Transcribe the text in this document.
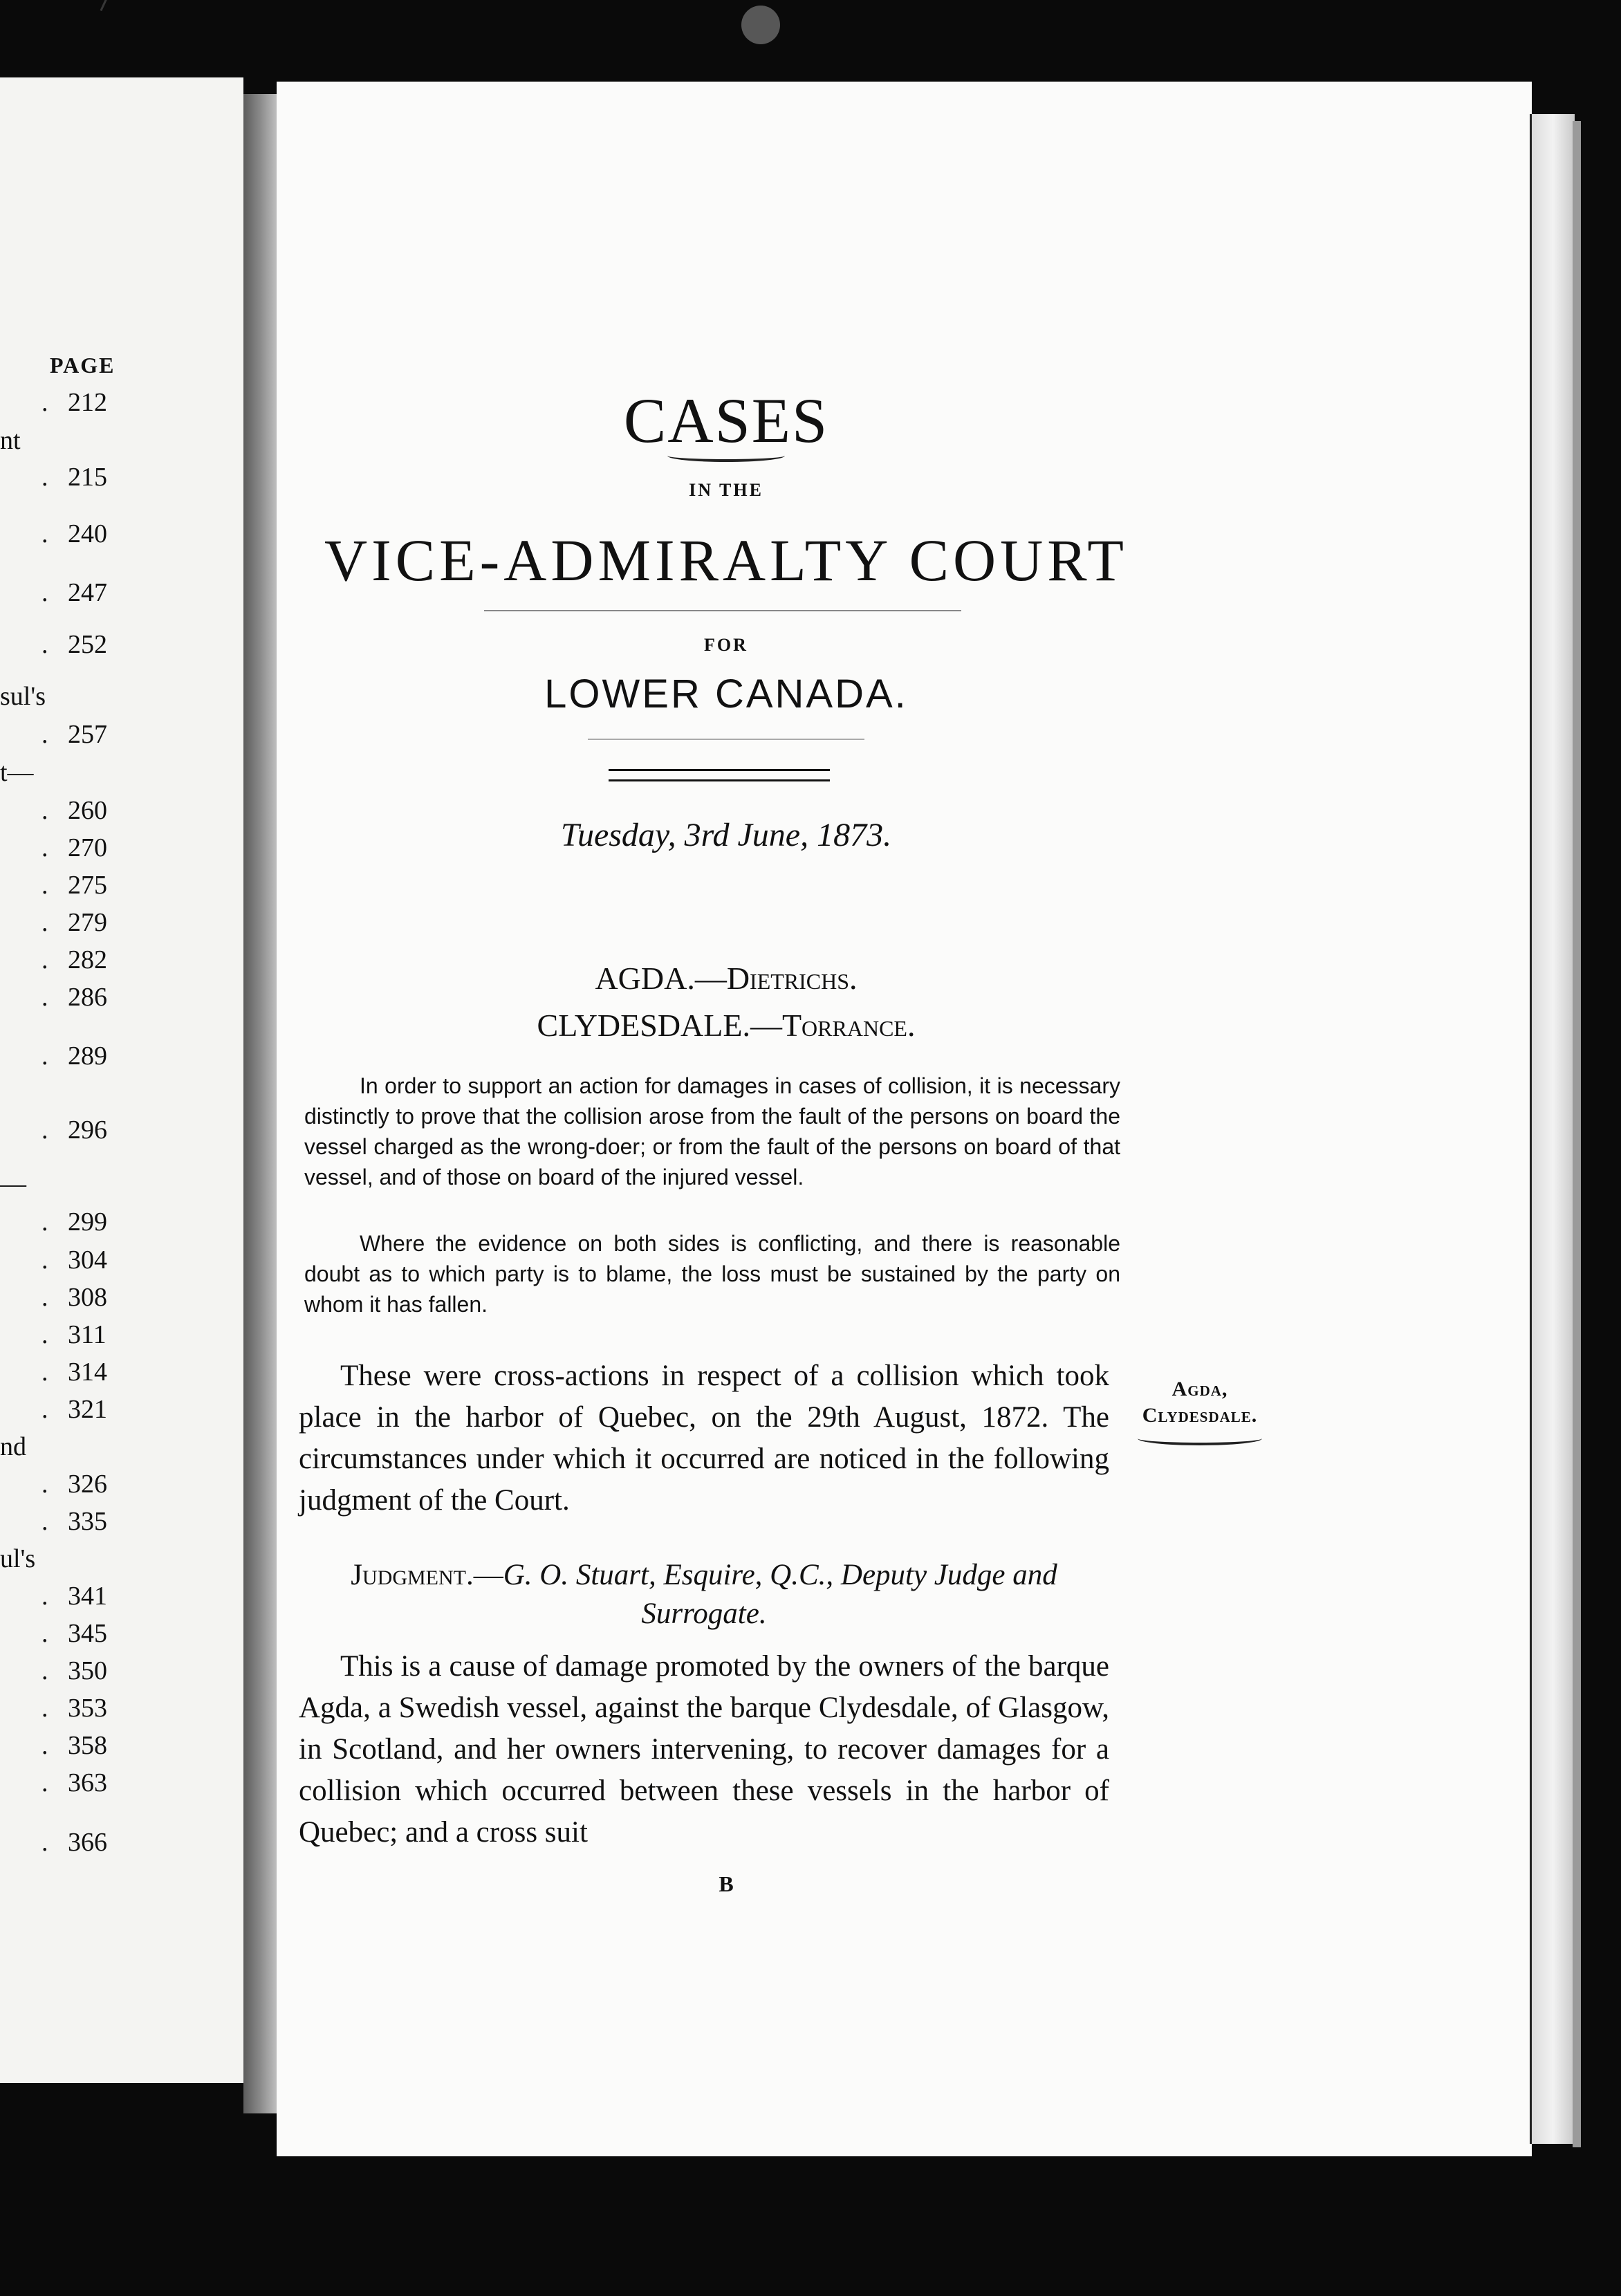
PAGE
. 212
nt
. 215
. 240
. 247
. 252
sul's
. 257
t—
. 260
. 270
. 275
. 279
. 282
. 286
. 289
. 296
—
. 299
. 304
. 308
. 311
. 314
. 321
nd
. 326
. 335
ul's
. 341
. 345
. 350
. 353
. 358
. 363
. 366
CASES
IN THE
VICE-ADMIRALTY COURT
FOR
LOWER CANADA.
Tuesday, 3rd June, 1873.
AGDA.—Dietrichs.
CLYDESDALE.—Torrance.
In order to support an action for damages in cases of collision, it is necessary distinctly to prove that the collision arose from the fault of the persons on board the vessel charged as the wrong-doer; or from the fault of the persons on board of that vessel, and of those on board of the injured vessel.
Where the evidence on both sides is conflicting, and there is reasonable doubt as to which party is to blame, the loss must be sustained by the party on whom it has fallen.
These were cross-actions in respect of a collision which took place in the harbor of Quebec, on the 29th August, 1872. The circumstances under which it occurred are noticed in the following judgment of the Court.
Judgment.—G. O. Stuart, Esquire, Q.C., Deputy Judge and Surrogate.
This is a cause of damage promoted by the owners of the barque Agda, a Swedish vessel, against the barque Clydesdale, of Glasgow, in Scotland, and her owners intervening, to recover damages for a collision which occurred between these vessels in the harbor of Quebec; and a cross suit
B
Agda,
Clydesdale.
